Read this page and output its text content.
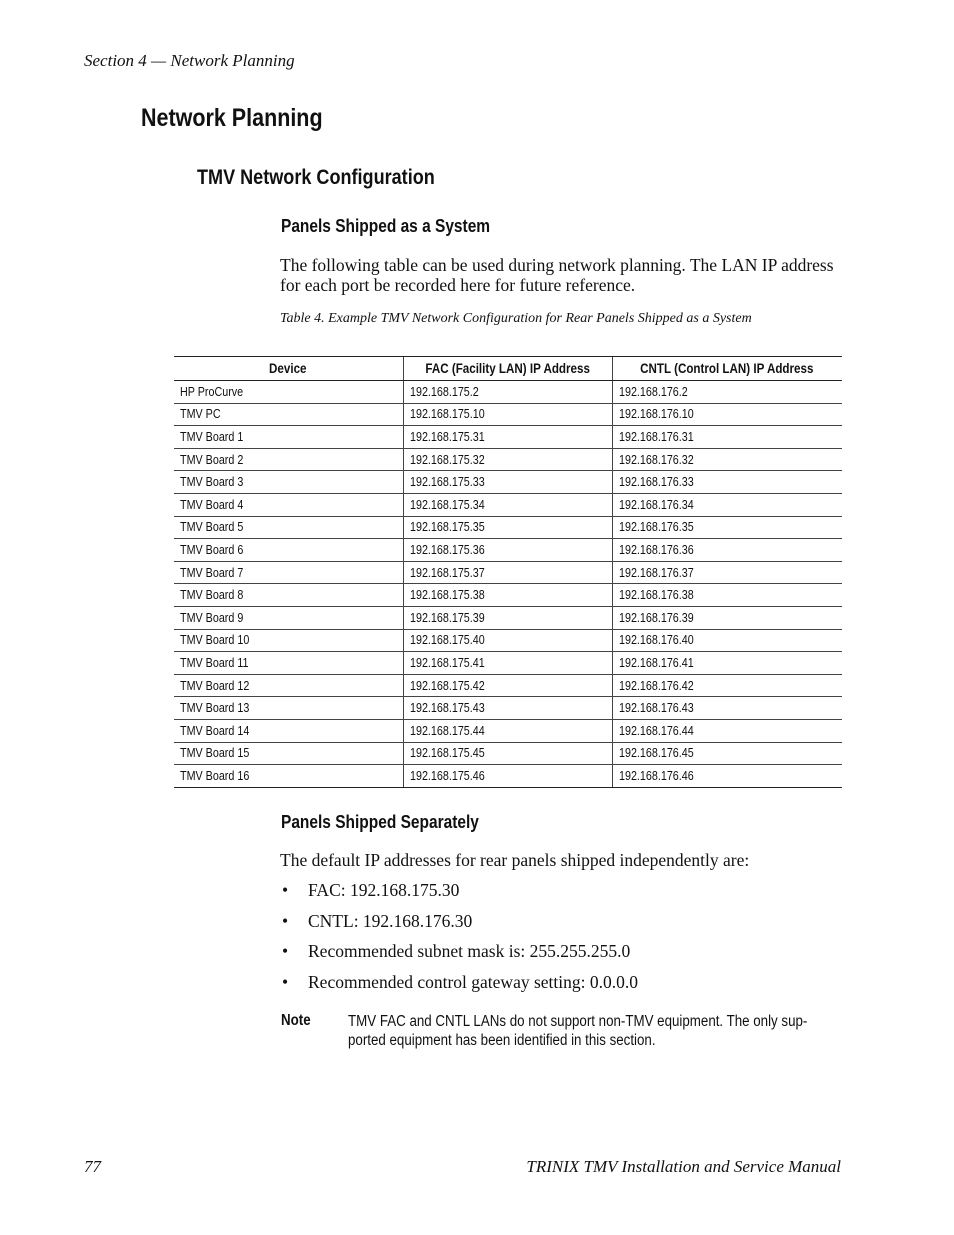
Section 4 — Network Planning
Network Planning
TMV Network Configuration
Panels Shipped as a System
The following table can be used during network planning. The LAN IP address for each port be recorded here for future reference.
Table 4. Example TMV Network Configuration for Rear Panels Shipped as a System
Device	FAC (Facility LAN) IP Address	CNTL (Control LAN) IP Address
HP ProCurve	192.168.175.2	192.168.176.2
TMV PC	192.168.175.10	192.168.176.10
TMV Board 1	192.168.175.31	192.168.176.31
TMV Board 2	192.168.175.32	192.168.176.32
TMV Board 3	192.168.175.33	192.168.176.33
TMV Board 4	192.168.175.34	192.168.176.34
TMV Board 5	192.168.175.35	192.168.176.35
TMV Board 6	192.168.175.36	192.168.176.36
TMV Board 7	192.168.175.37	192.168.176.37
TMV Board 8	192.168.175.38	192.168.176.38
TMV Board 9	192.168.175.39	192.168.176.39
TMV Board 10	192.168.175.40	192.168.176.40
TMV Board 11	192.168.175.41	192.168.176.41
TMV Board 12	192.168.175.42	192.168.176.42
TMV Board 13	192.168.175.43	192.168.176.43
TMV Board 14	192.168.175.44	192.168.176.44
TMV Board 15	192.168.175.45	192.168.176.45
TMV Board 16	192.168.175.46	192.168.176.46
Panels Shipped Separately
The default IP addresses for rear panels shipped independently are:
• FAC: 192.168.175.30
• CNTL: 192.168.176.30
• Recommended subnet mask is: 255.255.255.0
• Recommended control gateway setting: 0.0.0.0
Note TMV FAC and CNTL LANs do not support non-TMV equipment. The only sup-ported equipment has been identified in this section.
77	TRINIX TMV Installation and Service Manual
